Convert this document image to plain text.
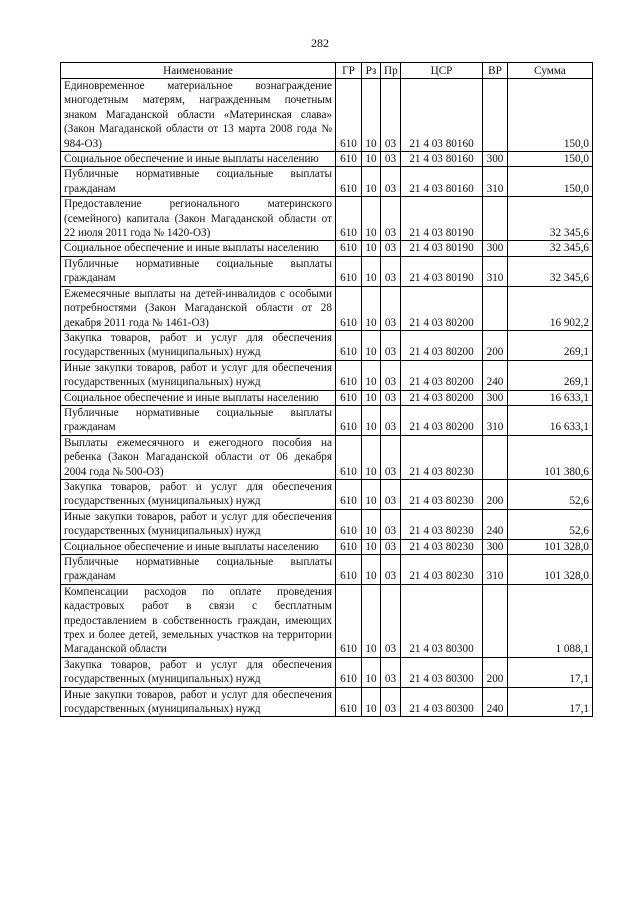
282
Наименование	ГР	Рз	Пр	ЦСР	ВР	Сумма
Единовременное материальное вознаграждение многодетным матерям, награжденным почетным знаком Магаданской области «Материнская слава» (Закон Магаданской области от 13 марта 2008 года № 984-ОЗ)	610	10	03	21 4 03 80160		150,0
Социальное обеспечение и иные выплаты населению	610	10	03	21 4 03 80160	300	150,0
Публичные нормативные социальные выплаты гражданам	610	10	03	21 4 03 80160	310	150,0
Предоставление регионального материнского (семейного) капитала (Закон Магаданской области от 22 июля 2011 года № 1420-ОЗ)	610	10	03	21 4 03 80190		32 345,6
Социальное обеспечение и иные выплаты населению	610	10	03	21 4 03 80190	300	32 345,6
Публичные нормативные социальные выплаты гражданам	610	10	03	21 4 03 80190	310	32 345,6
Ежемесячные выплаты на детей-инвалидов с особыми потребностями (Закон Магаданской области от 28 декабря 2011 года № 1461-ОЗ)	610	10	03	21 4 03 80200		16 902,2
Закупка товаров, работ и услуг для обеспечения государственных (муниципальных) нужд	610	10	03	21 4 03 80200	200	269,1
Иные закупки товаров, работ и услуг для обеспечения государственных (муниципальных) нужд	610	10	03	21 4 03 80200	240	269,1
Социальное обеспечение и иные выплаты населению	610	10	03	21 4 03 80200	300	16 633,1
Публичные нормативные социальные выплаты гражданам	610	10	03	21 4 03 80200	310	16 633,1
Выплаты ежемесячного и ежегодного пособия на ребенка (Закон Магаданской области от 06 декабря 2004 года № 500-ОЗ)	610	10	03	21 4 03 80230		101 380,6
Закупка товаров, работ и услуг для обеспечения государственных (муниципальных) нужд	610	10	03	21 4 03 80230	200	52,6
Иные закупки товаров, работ и услуг для обеспечения государственных (муниципальных) нужд	610	10	03	21 4 03 80230	240	52,6
Социальное обеспечение и иные выплаты населению	610	10	03	21 4 03 80230	300	101 328,0
Публичные нормативные социальные выплаты гражданам	610	10	03	21 4 03 80230	310	101 328,0
Компенсации расходов по оплате проведения кадастровых работ в связи с бесплатным предоставлением в собственность граждан, имеющих трех и более детей, земельных участков на территории Магаданской области	610	10	03	21 4 03 80300		1 088,1
Закупка товаров, работ и услуг для обеспечения государственных (муниципальных) нужд	610	10	03	21 4 03 80300	200	17,1
Иные закупки товаров, работ и услуг для обеспечения государственных (муниципальных) нужд	610	10	03	21 4 03 80300	240	17,1
